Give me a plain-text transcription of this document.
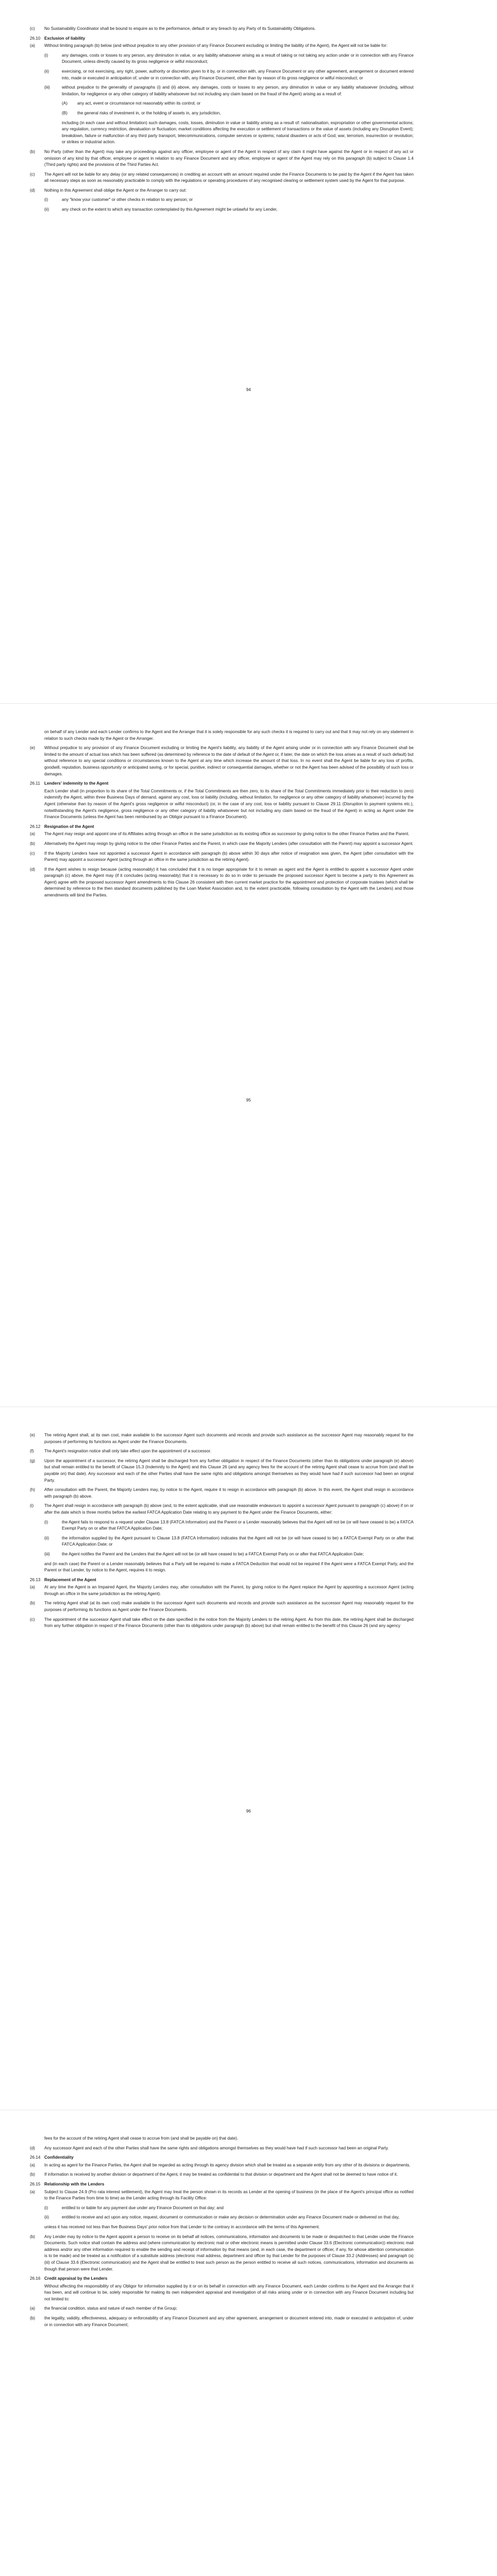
(c)	No Sustainability Coordinator shall be bound to enquire as to the performance, default or any breach by any Party of its Sustainability Obligations.
26.10 Exclusion of liability
(a)	Without limiting paragraph (b) below (and without prejudice to any other provision of any Finance Document excluding or limiting the liability of the Agent), the Agent will not be liable for:
(i)	any damages, costs or losses to any person, any diminution in value, or any liability whatsoever arising as a result of taking or not taking any action under or in connection with any Finance Document, unless directly caused by its gross negligence or wilful misconduct;
(ii)	exercising, or not exercising, any right, power, authority or discretion given to it by, or in connection with, any Finance Document or any other agreement, arrangement or document entered into, made or executed in anticipation of, under or in connection with, any Finance Document, other than by reason of its gross negligence or wilful misconduct; or
(iii)	without prejudice to the generality of paragraphs (i) and (ii) above, any damages, costs or losses to any person, any diminution in value or any liability whatsoever (including, without limitation, for negligence or any other category of liability whatsoever but not including any claim based on the fraud of the Agent) arising as a result of:
(A)	any act, event or circumstance not reasonably within its control; or
(B)	the general risks of investment in, or the holding of assets in, any jurisdiction,
including (in each case and without limitation) such damages, costs, losses, diminution in value or liability arising as a result of: nationalisation, expropriation or other governmental actions; any regulation, currency restriction, devaluation or fluctuation; market conditions affecting the execution or settlement of transactions or the value of assets (including any Disruption Event); breakdown, failure or malfunction of any third party transport, telecommunications, computer services or systems; natural disasters or acts of God; war, terrorism, insurrection or revolution; or strikes or industrial action.
(b)	No Party (other than the Agent) may take any proceedings against any officer, employee or agent of the Agent in respect of any claim it might have against the Agent or in respect of any act or omission of any kind by that officer, employee or agent in relation to any Finance Document and any officer, employee or agent of the Agent may rely on this paragraph (b) subject to Clause 1.4 (Third party rights) and the provisions of the Third Parties Act.
(c)	The Agent will not be liable for any delay (or any related consequences) in crediting an account with an amount required under the Finance Documents to be paid by the Agent if the Agent has taken all necessary steps as soon as reasonably practicable to comply with the regulations or operating procedures of any recognised clearing or settlement system used by the Agent for that purpose.
(d)	Nothing in this Agreement shall oblige the Agent or the Arranger to carry out:
(i)	any "know your customer" or other checks in relation to any person; or
(ii)	any check on the extent to which any transaction contemplated by this Agreement might be unlawful for any Lender,
94
on behalf of any Lender and each Lender confirms to the Agent and the Arranger that it is solely responsible for any such checks it is required to carry out and that it may not rely on any statement in relation to such checks made by the Agent or the Arranger.
(e)	Without prejudice to any provision of any Finance Document excluding or limiting the Agent's liability, any liability of the Agent arising under or in connection with any Finance Document shall be limited to the amount of actual loss which has been suffered (as determined by reference to the date of default of the Agent or, if later, the date on which the loss arises as a result of such default) but without reference to any special conditions or circumstances known to the Agent at any time which increase the amount of that loss. In no event shall the Agent be liable for any loss of profits, goodwill, reputation, business opportunity or anticipated saving, or for special, punitive, indirect or consequential damages, whether or not the Agent has been advised of the possibility of such loss or damages.
26.11 Lenders' indemnity to the Agent
Each Lender shall (in proportion to its share of the Total Commitments or, if the Total Commitments are then zero, to its share of the Total Commitments immediately prior to their reduction to zero) indemnify the Agent, within three Business Days of demand, against any cost, loss or liability (including, without limitation, for negligence or any other category of liability whatsoever) incurred by the Agent (otherwise than by reason of the Agent's gross negligence or wilful misconduct) (or, in the case of any cost, loss or liability pursuant to Clause 29.11 (Disruption to payment systems etc.), notwithstanding the Agent's negligence, gross negligence or any other category of liability whatsoever but not including any claim based on the fraud of the Agent) in acting as Agent under the Finance Documents (unless the Agent has been reimbursed by an Obligor pursuant to a Finance Document).
26.12 Resignation of the Agent
(a)	The Agent may resign and appoint one of its Affiliates acting through an office in the same jurisdiction as its existing office as successor by giving notice to the other Finance Parties and the Parent.
(b)	Alternatively the Agent may resign by giving notice to the other Finance Parties and the Parent, in which case the Majority Lenders (after consultation with the Parent) may appoint a successor Agent.
(c)	If the Majority Lenders have not appointed a successor Agent in accordance with paragraph (b) above within 30 days after notice of resignation was given, the Agent (after consultation with the Parent) may appoint a successor Agent (acting through an office in the same jurisdiction as the retiring Agent).
(d)	If the Agent wishes to resign because (acting reasonably) it has concluded that it is no longer appropriate for it to remain as agent and the Agent is entitled to appoint a successor Agent under paragraph (c) above, the Agent may (if it concludes (acting reasonably) that it is necessary to do so in order to persuade the proposed successor Agent to become a party to this Agreement as Agent) agree with the proposed successor Agent amendments to this Clause 26 consistent with then current market practice for the appointment and protection of corporate trustees (which shall be determined by reference to the then standard documents published by the Loan Market Association and, to the extent practicable, following consultation by the Agent with the Lenders) and those amendments will bind the Parties.
95
(e)	The retiring Agent shall, at its own cost, make available to the successor Agent such documents and records and provide such assistance as the successor Agent may reasonably request for the purposes of performing its functions as Agent under the Finance Documents.
(f)	The Agent's resignation notice shall only take effect upon the appointment of a successor.
(g)	Upon the appointment of a successor, the retiring Agent shall be discharged from any further obligation in respect of the Finance Documents (other than its obligations under paragraph (e) above) but shall remain entitled to the benefit of Clause 15.3 (Indemnity to the Agent) and this Clause 26 (and any agency fees for the account of the retiring Agent shall cease to accrue from (and shall be payable on) that date). Any successor and each of the other Parties shall have the same rights and obligations amongst themselves as they would have had if such successor had been an original Party.
(h)	After consultation with the Parent, the Majority Lenders may, by notice to the Agent, require it to resign in accordance with paragraph (b) above. In this event, the Agent shall resign in accordance with paragraph (b) above.
(i)	The Agent shall resign in accordance with paragraph (b) above (and, to the extent applicable, shall use reasonable endeavours to appoint a successor Agent pursuant to paragraph (c) above) if on or after the date which is three months before the earliest FATCA Application Date relating to any payment to the Agent under the Finance Documents, either:
(i)	the Agent fails to respond to a request under Clause 13.8 (FATCA Information) and the Parent or a Lender reasonably believes that the Agent will not be (or will have ceased to be) a FATCA Exempt Party on or after that FATCA Application Date;
(ii)	the information supplied by the Agent pursuant to Clause 13.8 (FATCA Information) indicates that the Agent will not be (or will have ceased to be) a FATCA Exempt Party on or after that FATCA Application Date; or
(iii)	the Agent notifies the Parent and the Lenders that the Agent will not be (or will have ceased to be) a FATCA Exempt Party on or after that FATCA Application Date;
and (in each case) the Parent or a Lender reasonably believes that a Party will be required to make a FATCA Deduction that would not be required if the Agent were a FATCA Exempt Party, and the Parent or that Lender, by notice to the Agent, requires it to resign.
26.13 Replacement of the Agent
(a)	At any time the Agent is an Impaired Agent, the Majority Lenders may, after consultation with the Parent, by giving notice to the Agent replace the Agent by appointing a successor Agent (acting through an office in the same jurisdiction as the retiring Agent).
(b)	The retiring Agent shall (at its own cost) make available to the successor Agent such documents and records and provide such assistance as the successor Agent may reasonably request for the purposes of performing its functions as Agent under the Finance Documents.
(c)	The appointment of the successor Agent shall take effect on the date specified in the notice from the Majority Lenders to the retiring Agent. As from this date, the retiring Agent shall be discharged from any further obligation in respect of the Finance Documents (other than its obligations under paragraph (b) above) but shall remain entitled to the benefit of this Clause 26 (and any agency
96
fees for the account of the retiring Agent shall cease to accrue from (and shall be payable on) that date).
(d)	Any successor Agent and each of the other Parties shall have the same rights and obligations amongst themselves as they would have had if such successor had been an original Party.
26.14 Confidentiality
(a)	In acting as agent for the Finance Parties, the Agent shall be regarded as acting through its agency division which shall be treated as a separate entity from any other of its divisions or departments.
(b)	If information is received by another division or department of the Agent, it may be treated as confidential to that division or department and the Agent shall not be deemed to have notice of it.
26.15 Relationship with the Lenders
(a)	Subject to Clause 24.9 (Pro rata interest settlement), the Agent may treat the person shown in its records as Lender at the opening of business (in the place of the Agent's principal office as notified to the Finance Parties from time to time) as the Lender acting through its Facility Office:
(i)	entitled to or liable for any payment due under any Finance Document on that day; and
(ii)	entitled to receive and act upon any notice, request, document or communication or make any decision or determination under any Finance Document made or delivered on that day,
unless it has received not less than five Business Days' prior notice from that Lender to the contrary in accordance with the terms of this Agreement.
(b)	Any Lender may by notice to the Agent appoint a person to receive on its behalf all notices, communications, information and documents to be made or despatched to that Lender under the Finance Documents. Such notice shall contain the address and (where communication by electronic mail or other electronic means is permitted under Clause 33.6 (Electronic communication)) electronic mail address and/or any other information required to enable the sending and receipt of information by that means (and, in each case, the department or officer, if any, for whose attention communication is to be made) and be treated as a notification of a substitute address (electronic mail address, department and officer by that Lender for the purposes of Clause 33.2 (Addresses) and paragraph (a)(iii) of Clause 33.6 (Electronic communication) and the Agent shall be entitled to treat such person as the person entitled to receive all such notices, communications, information and documents as though that person were that Lender.
26.16 Credit appraisal by the Lenders
Without affecting the responsibility of any Obligor for information supplied by it or on its behalf in connection with any Finance Document, each Lender confirms to the Agent and the Arranger that it has been, and will continue to be, solely responsible for making its own independent appraisal and investigation of all risks arising under or in connection with any Finance Document including but not limited to:
(a)	the financial condition, status and nature of each member of the Group;
(b)	the legality, validity, effectiveness, adequacy or enforceability of any Finance Document and any other agreement, arrangement or document entered into, made or executed in anticipation of, under or in connection with any Finance Document;
